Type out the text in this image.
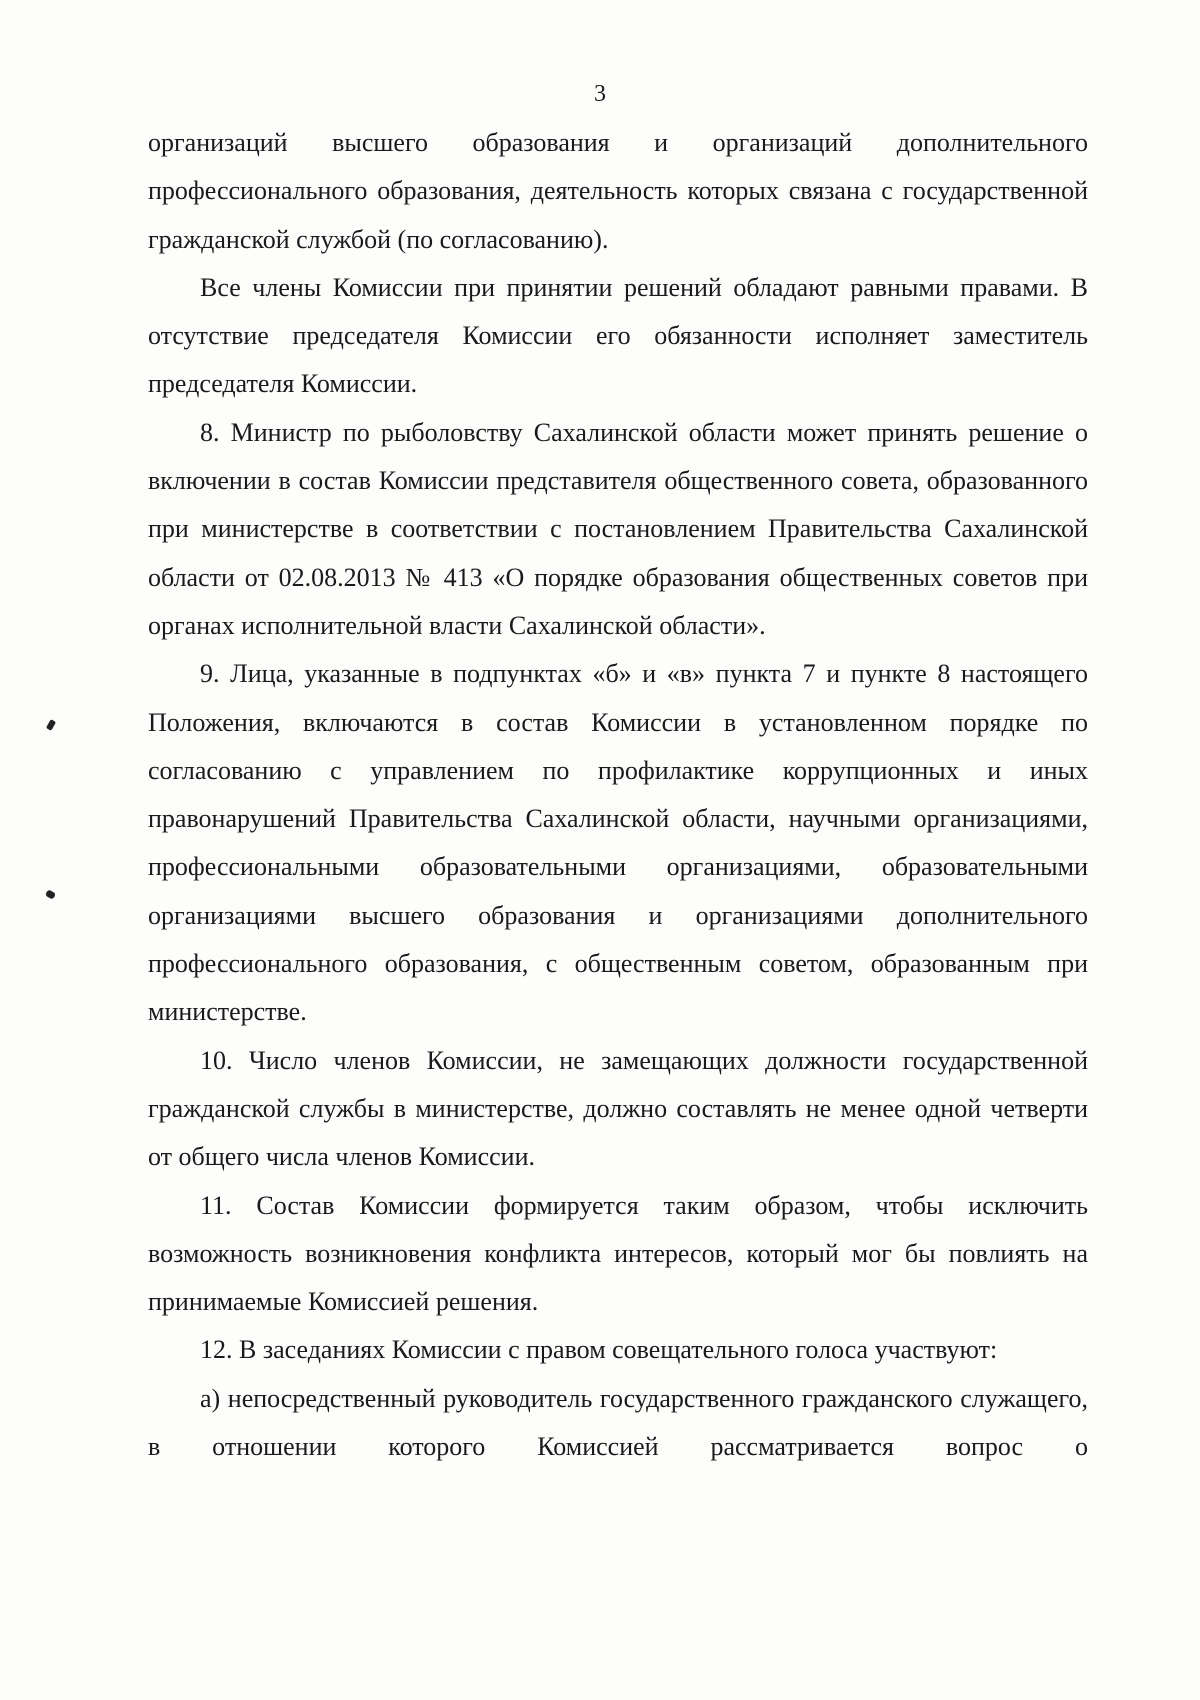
3

организаций высшего образования и организаций дополнительного профессионального образования, деятельность которых связана с государственной гражданской службой (по согласованию).

Все члены Комиссии при принятии решений обладают равными правами. В отсутствие председателя Комиссии его обязанности исполняет заместитель председателя Комиссии.

8. Министр по рыболовству Сахалинской области может принять решение о включении в состав Комиссии представителя общественного совета, образованного при министерстве в соответствии с постановлением Правительства Сахалинской области от 02.08.2013 № 413 «О порядке образования общественных советов при органах исполнительной власти Сахалинской области».

9. Лица, указанные в подпунктах «б» и «в» пункта 7 и пункте 8 настоящего Положения, включаются в состав Комиссии в установленном порядке по согласованию с управлением по профилактике коррупционных и иных правонарушений Правительства Сахалинской области, научными организациями, профессиональными образовательными организациями, образовательными организациями высшего образования и организациями дополнительного профессионального образования, с общественным советом, образованным при министерстве.

10. Число членов Комиссии, не замещающих должности государственной гражданской службы в министерстве, должно составлять не менее одной четверти от общего числа членов Комиссии.

11. Состав Комиссии формируется таким образом, чтобы исключить возможность возникновения конфликта интересов, который мог бы повлиять на принимаемые Комиссией решения.

12. В заседаниях Комиссии с правом совещательного голоса участвуют:

а) непосредственный руководитель государственного гражданского служащего, в отношении которого Комиссией рассматривается вопрос о
